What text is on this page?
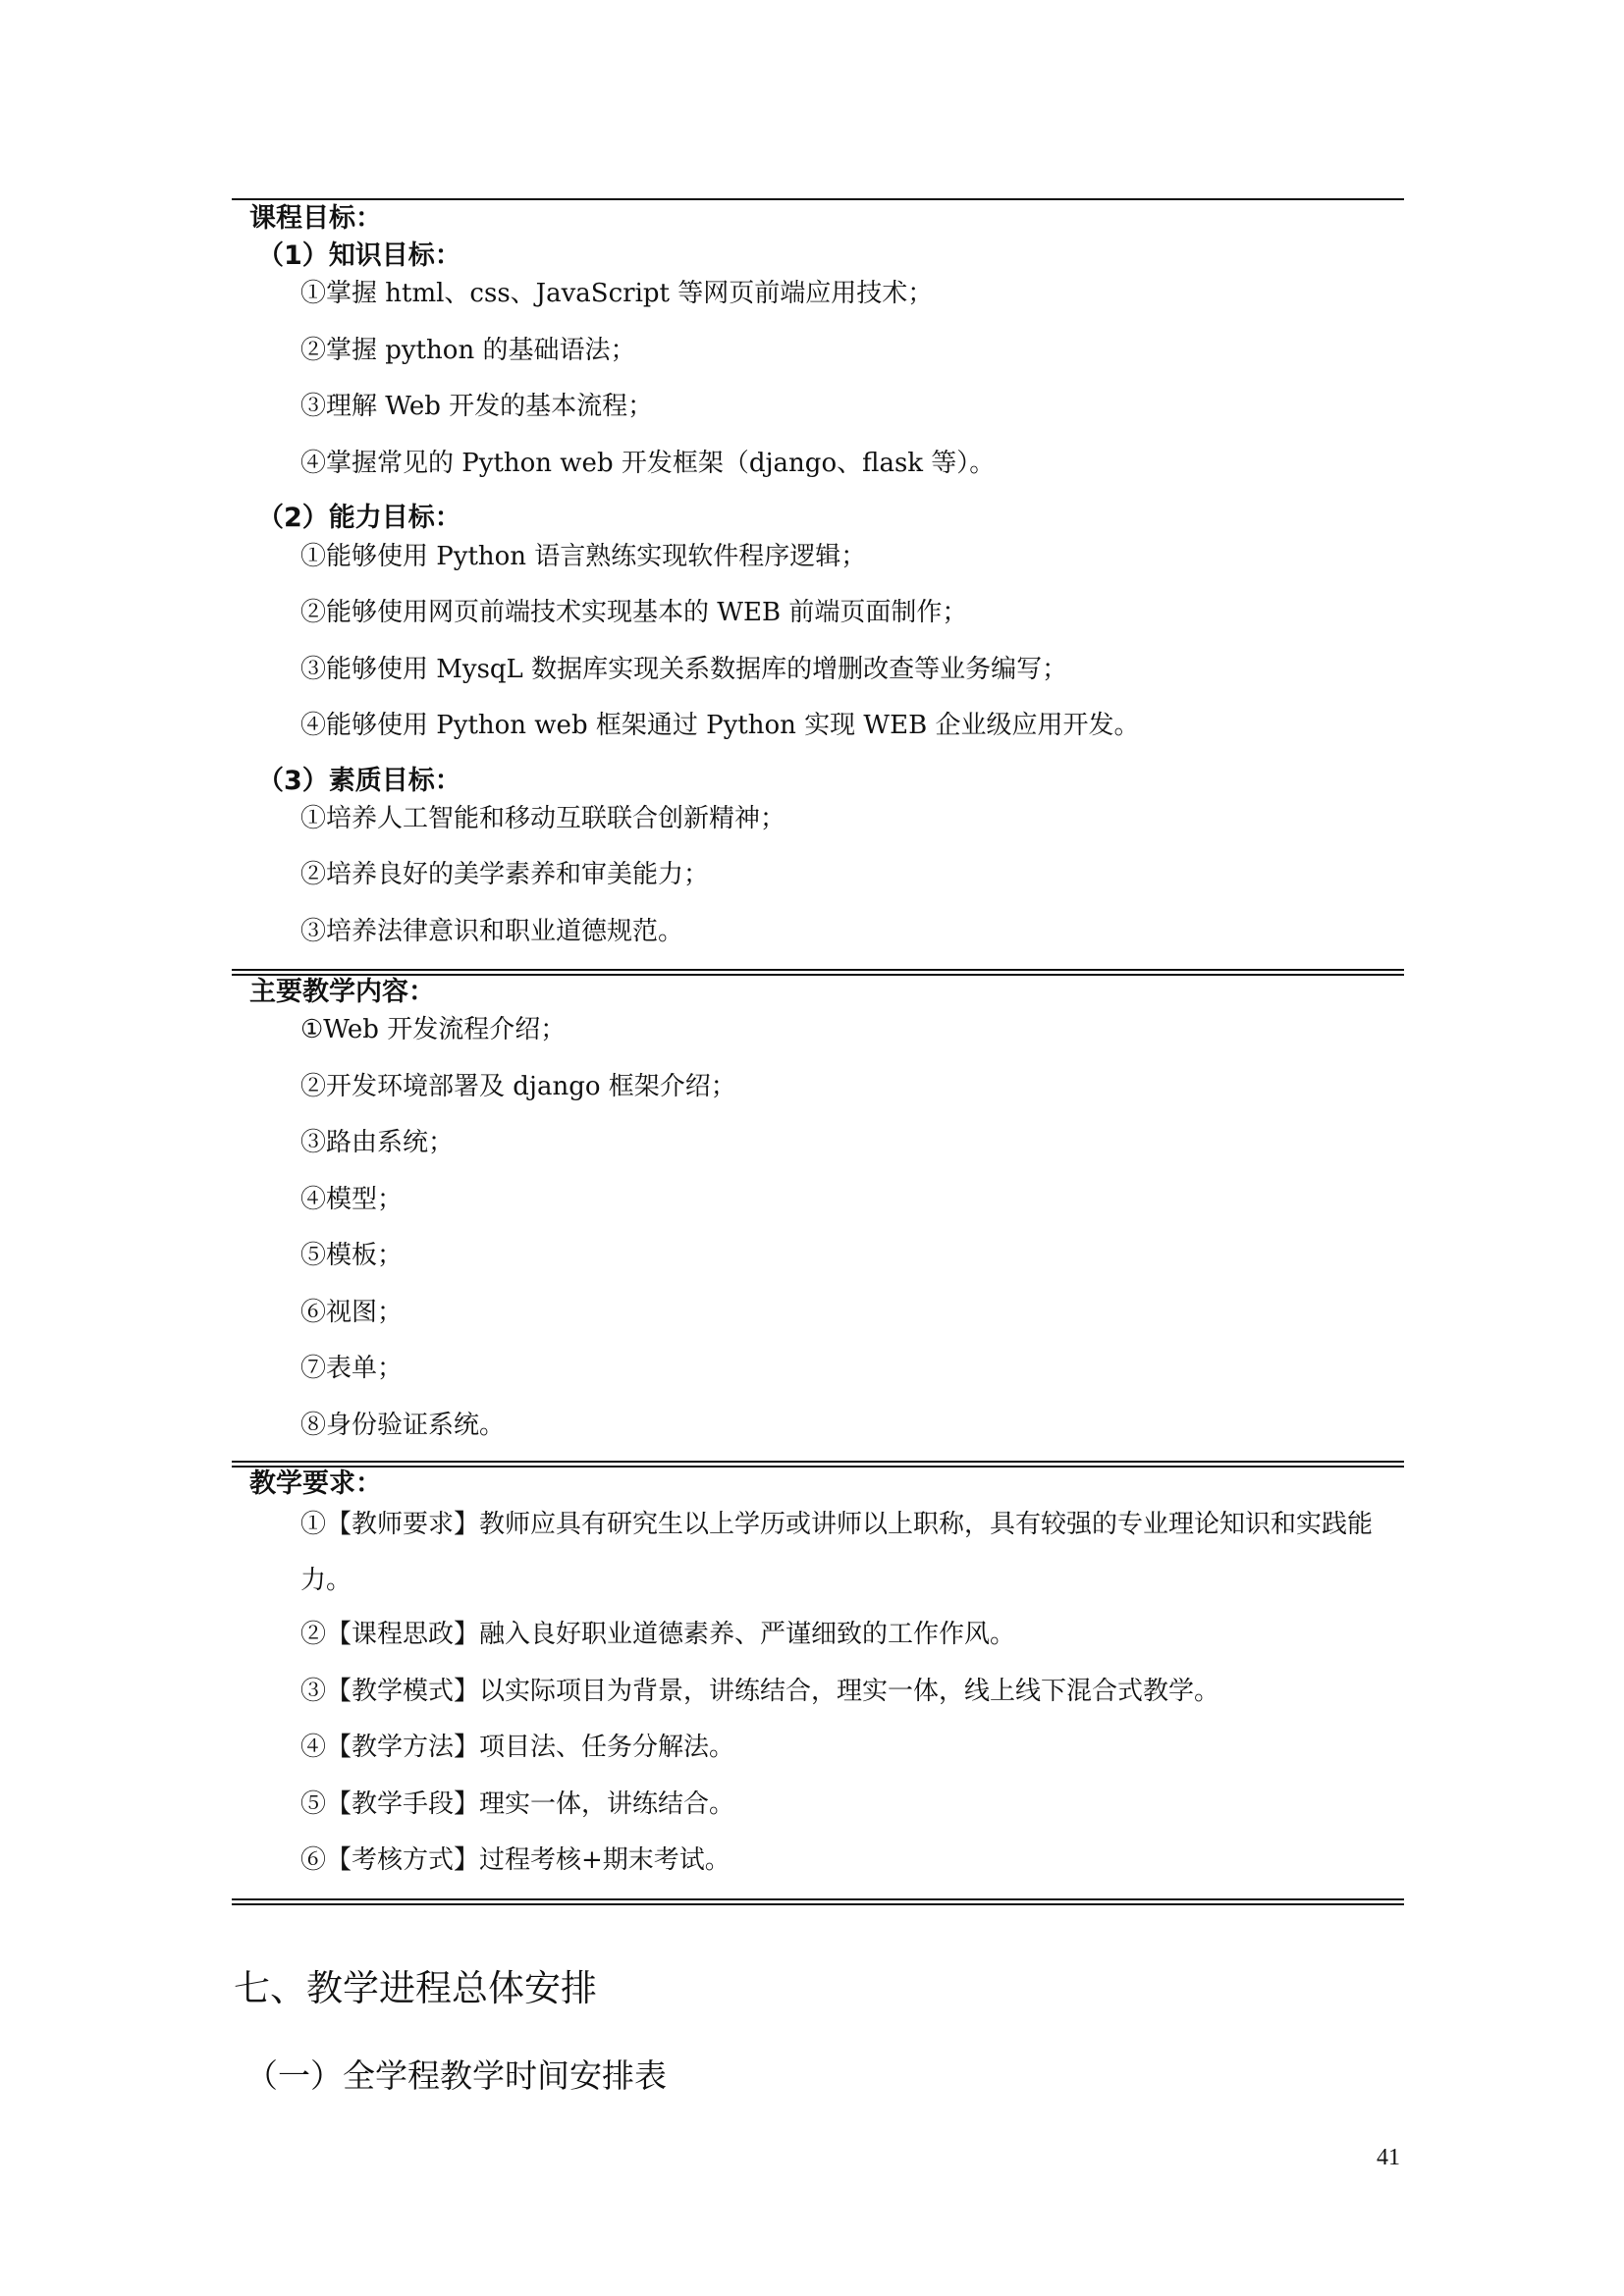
课程目标：
（1）知识目标：
①掌握 html、css、JavaScript 等网页前端应用技术；
②掌握 python 的基础语法；
③理解 Web 开发的基本流程；
④掌握常见的 Python web 开发框架（django、flask 等）。
（2）能力目标：
①能够使用 Python 语言熟练实现软件程序逻辑；
②能够使用网页前端技术实现基本的 WEB 前端页面制作；
③能够使用 MysqL 数据库实现关系数据库的增删改查等业务编写；
④能够使用 Python web 框架通过 Python 实现 WEB 企业级应用开发。
（3）素质目标：
①培养人工智能和移动互联联合创新精神；
②培养良好的美学素养和审美能力；
③培养法律意识和职业道德规范。
主要教学内容：
①Web 开发流程介绍；
②开发环境部署及 django 框架介绍；
③路由系统；
④模型；
⑤模板；
⑥视图；
⑦表单；
⑧身份验证系统。
教学要求：
①【教师要求】教师应具有研究生以上学历或讲师以上职称，具有较强的专业理论知识和实践能力。
②【课程思政】融入良好职业道德素养、严谨细致的工作作风。
③【教学模式】以实际项目为背景，讲练结合，理实一体，线上线下混合式教学。
④【教学方法】项目法、任务分解法。
⑤【教学手段】理实一体，讲练结合。
⑥【考核方式】过程考核+期末考试。
七、教学进程总体安排
（一）全学程教学时间安排表
41
